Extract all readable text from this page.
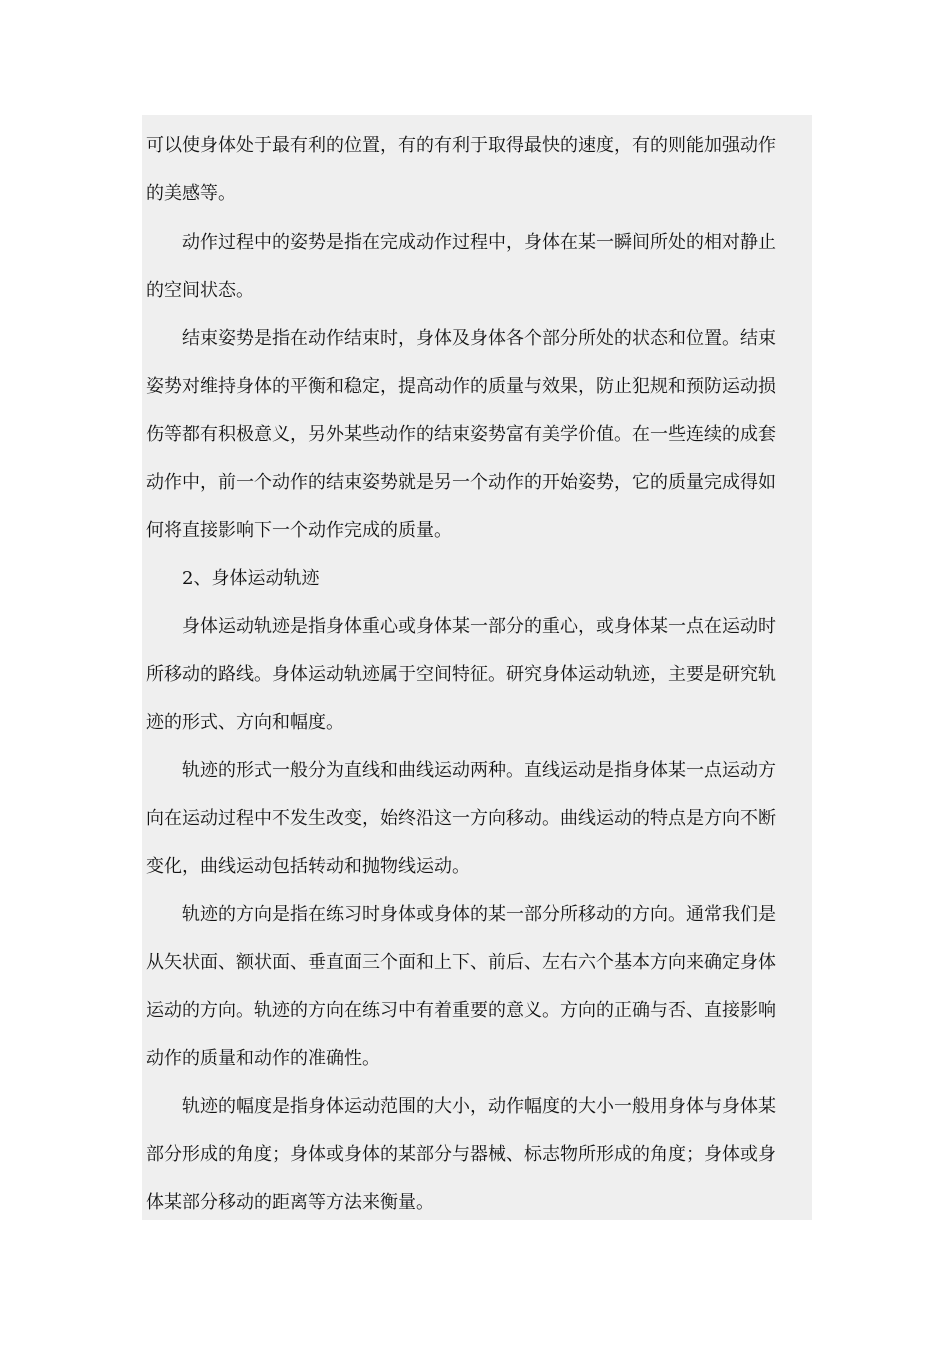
可以使身体处于最有利的位置，有的有利于取得最快的速度，有的则能加强动作
的美感等。
动作过程中的姿势是指在完成动作过程中，身体在某一瞬间所处的相对静止
的空间状态。
结束姿势是指在动作结束时，身体及身体各个部分所处的状态和位置。结束
姿势对维持身体的平衡和稳定，提高动作的质量与效果，防止犯规和预防运动损
伤等都有积极意义，另外某些动作的结束姿势富有美学价值。在一些连续的成套
动作中，前一个动作的结束姿势就是另一个动作的开始姿势，它的质量完成得如
何将直接影响下一个动作完成的质量。
2、身体运动轨迹
身体运动轨迹是指身体重心或身体某一部分的重心，或身体某一点在运动时
所移动的路线。身体运动轨迹属于空间特征。研究身体运动轨迹，主要是研究轨
迹的形式、方向和幅度。
轨迹的形式一般分为直线和曲线运动两种。直线运动是指身体某一点运动方
向在运动过程中不发生改变，始终沿这一方向移动。曲线运动的特点是方向不断
变化，曲线运动包括转动和抛物线运动。
轨迹的方向是指在练习时身体或身体的某一部分所移动的方向。通常我们是
从矢状面、额状面、垂直面三个面和上下、前后、左右六个基本方向来确定身体
运动的方向。轨迹的方向在练习中有着重要的意义。方向的正确与否、直接影响
动作的质量和动作的准确性。
轨迹的幅度是指身体运动范围的大小，动作幅度的大小一般用身体与身体某
部分形成的角度；身体或身体的某部分与器械、标志物所形成的角度；身体或身
体某部分移动的距离等方法来衡量。
